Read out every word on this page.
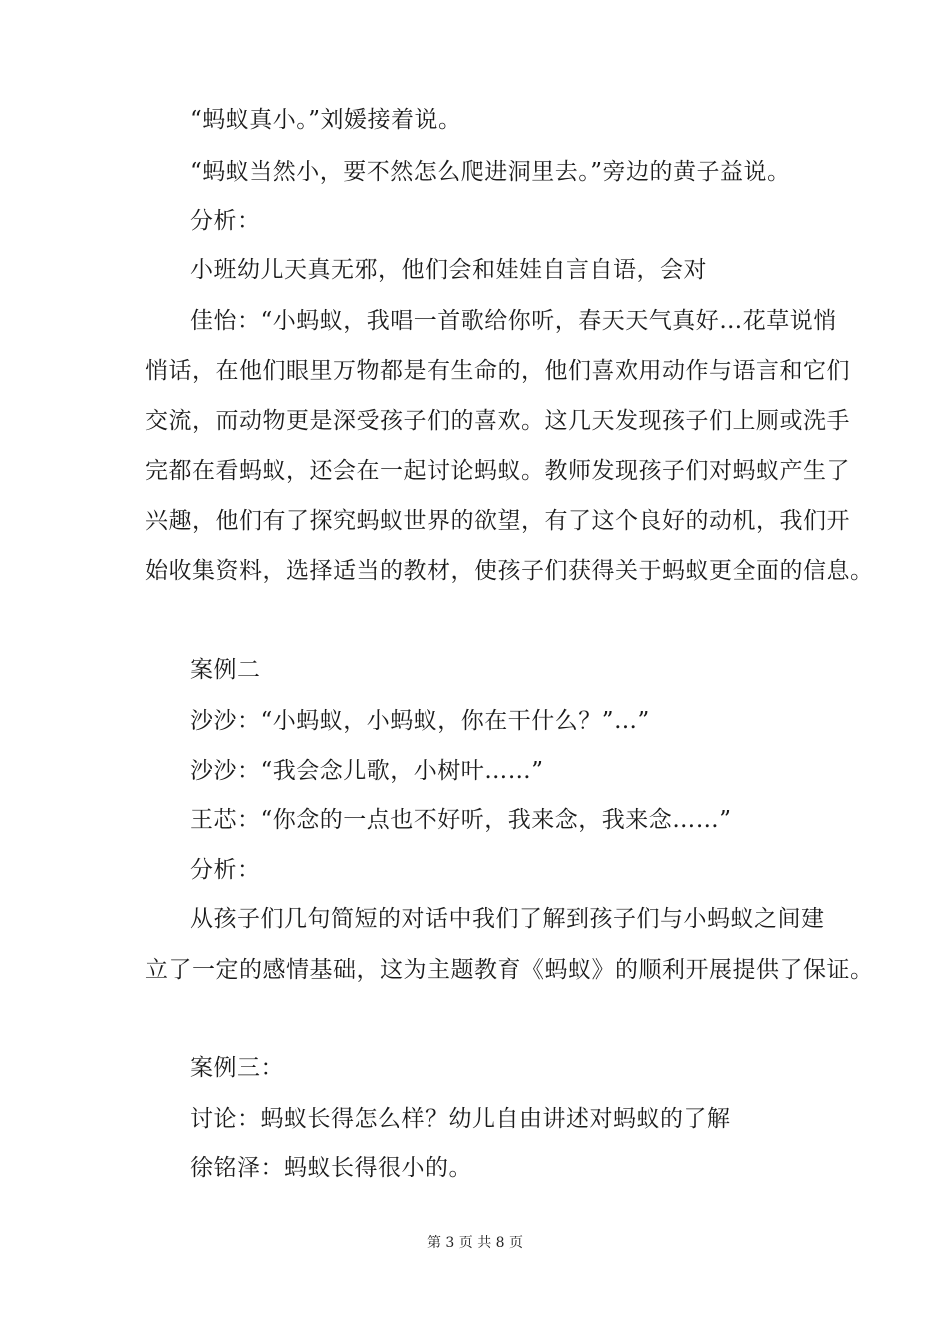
“蚂蚁真小。”刘媛接着说。
“蚂蚁当然小，要不然怎么爬进洞里去。”旁边的黄子益说。
分析：
小班幼儿天真无邪，他们会和娃娃自言自语，会对
佳怡：“小蚂蚁，我唱一首歌给你听，春天天气真好…花草说悄
悄话，在他们眼里万物都是有生命的，他们喜欢用动作与语言和它们
交流，而动物更是深受孩子们的喜欢。这几天发现孩子们上厕或洗手
完都在看蚂蚁，还会在一起讨论蚂蚁。教师发现孩子们对蚂蚁产生了
兴趣，他们有了探究蚂蚁世界的欲望，有了这个良好的动机，我们开
始收集资料，选择适当的教材，使孩子们获得关于蚂蚁更全面的信息。
案例二
沙沙：“小蚂蚁，小蚂蚁，你在干什么？”…”
沙沙：“我会念儿歌，小树叶……”
王芯：“你念的一点也不好听，我来念，我来念……”
分析：
从孩子们几句简短的对话中我们了解到孩子们与小蚂蚁之间建
立了一定的感情基础，这为主题教育《蚂蚁》的顺利开展提供了保证。
案例三：
讨论：蚂蚁长得怎么样？幼儿自由讲述对蚂蚁的了解
徐铭泽：蚂蚁长得很小的。
第 3 页 共 8 页
